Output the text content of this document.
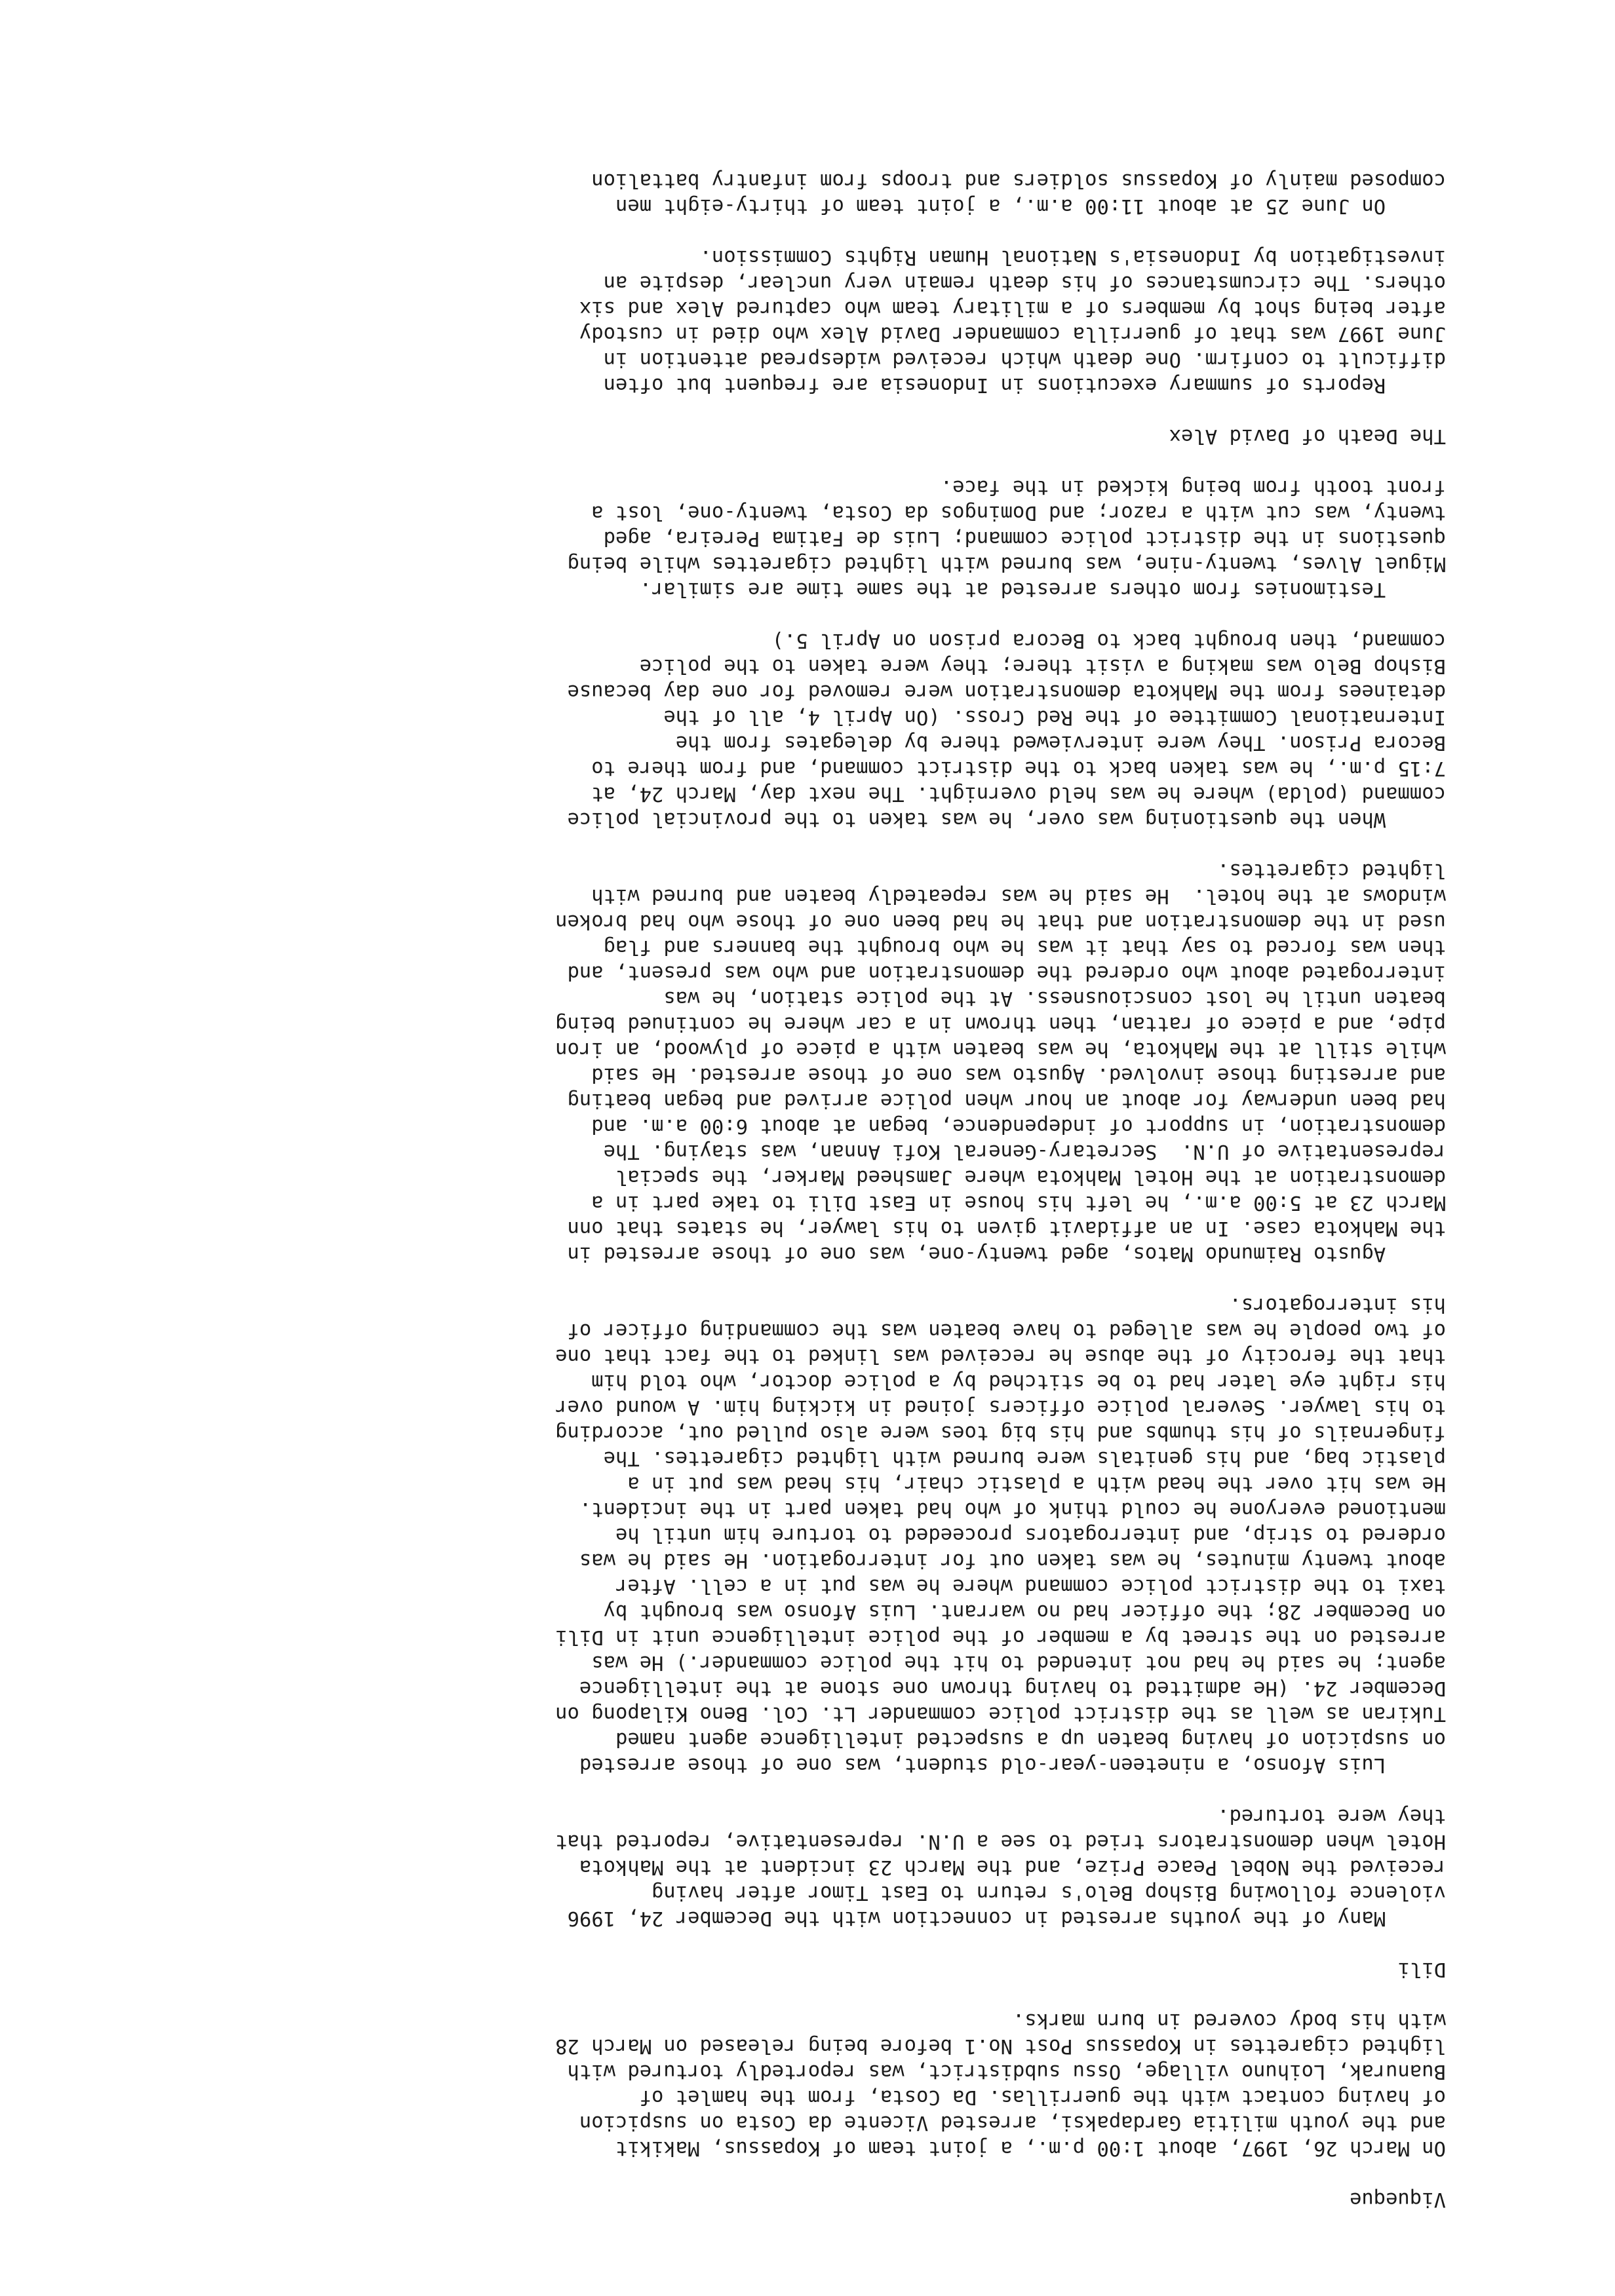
Viqueque
On March 26, 1997, about 1:00 p.m., a joint team of Kopassus, Makikit
and the youth militia Gardapaksi, arrested Vicente da Costa on suspicion
of having contact with the guerrillas. Da Costa, from the hamlet of
Buanurak, Loihuno village, Ossu subdistrict, was reportedly tortured with
lighted cigarettes in Kopassus Post No.1 before being released on March 28
with his body covered in burn marks.
Dili
Many of the youths arrested in connection with the December 24, 1996
violence following Bishop Belo's return to East Timor after having
received the Nobel Peace Prize, and the March 23 incident at the Mahkota
Hotel when demonstrators tried to see a U.N. representative, reported that
they were tortured.
Luis Afonso, a nineteen-year-old student, was one of those arrested
on suspicion of having beaten up a suspected intelligence agent named
Tukiran as well as the district police commander Lt. Col. Beno Kilapong on
December 24. (He admitted to having thrown one stone at the intelligence
agent; he said he had not intended to hit the police commander.) He was
arrested on the street by a member of the police intelligence unit in Dili
on December 28; the officer had no warrant. Luis Afonso was brought by
taxi to the district police command where he was put in a cell. After
about twenty minutes, he was taken out for interrogation. He said he was
ordered to strip, and interrogators proceeded to torture him until he
mentioned everyone he could think of who had taken part in the incident.
He was hit over the head with a plastic chair, his head was put in a
plastic bag, and his genitals were burned with lighted cigarettes. The
fingernails of his thumbs and his big toes were also pulled out, according
to his lawyer. Several police officers joined in kicking him. A wound over
his right eye later had to be stitched by a police doctor, who told him
that the ferocity of the abuse he received was linked to the fact that one
of two people he was alleged to have beaten was the commanding officer of
his interrogators.
Agusto Raimundo Matos, aged twenty-one, was one of those arrested in
the Mahkota case. In an affidavit given to his lawyer, he states that onn
March 23 at 5:00 a.m., he left his house in East Dili to take part in a
demonstration at the Hotel Mahkota where Jamsheed Marker, the special
representative of U.N.  Secretary-General Kofi Annan, was staying. The
demonstration, in support of independence, began at about 6:00 a.m. and
had been underway for about an hour when police arrived and began beating
and arresting those involved. Agusto was one of those arrested. He said
while still at the Mahkota, he was beaten with a piece of plywood, an iron
pipe, and a piece of rattan, then thrown in a car where he continued being
beaten until he lost consciousness. At the police station, he was
interrogated about who ordered the demonstration and who was present, and
then was forced to say that it was he who brought the banners and flag
used in the demonstration and that he had been one of those who had broken
windows at the hotel.  He said he was repeatedly beaten and burned with
lighted cigarettes.
When the questioning was over, he was taken to the provincial police
command (polda) where he was held overnight. The next day, March 24, at
7:15 p.m., he was taken back to the district command, and from there to
Becora Prison. They were interviewed there by delegates from the
International Committee of the Red Cross. (On April 4, all of the
detainees from the Mahkota demonstration were removed for one day because
Bishop Belo was making a visit there; they were taken to the police
command, then brought back to Becora prison on April 5.)
Testimonies from others arrested at the same time are similar.
Miguel Alves, twenty-nine, was burned with lighted cigarettes while being
questions in the district police command; Luis de Fatima Pereira, aged
twenty, was cut with a razor; and Domingos da Costa, twenty-one, lost a
front tooth from being kicked in the face.
The Death of David Alex
Reports of summary executions in Indonesia are frequent but often
difficult to confirm. One death which received widespread attention in
June 1997 was that of guerrilla commander David Alex who died in custody
after being shot by members of a military team who captured Alex and six
others. The circumstances of his death remain very unclear, despite an
investigation by Indonesia's National Human Rights Commission.
On June 25 at about 11:00 a.m., a joint team of thirty-eight men
composed mainly of Kopassus soldiers and troops from infantry battalion
